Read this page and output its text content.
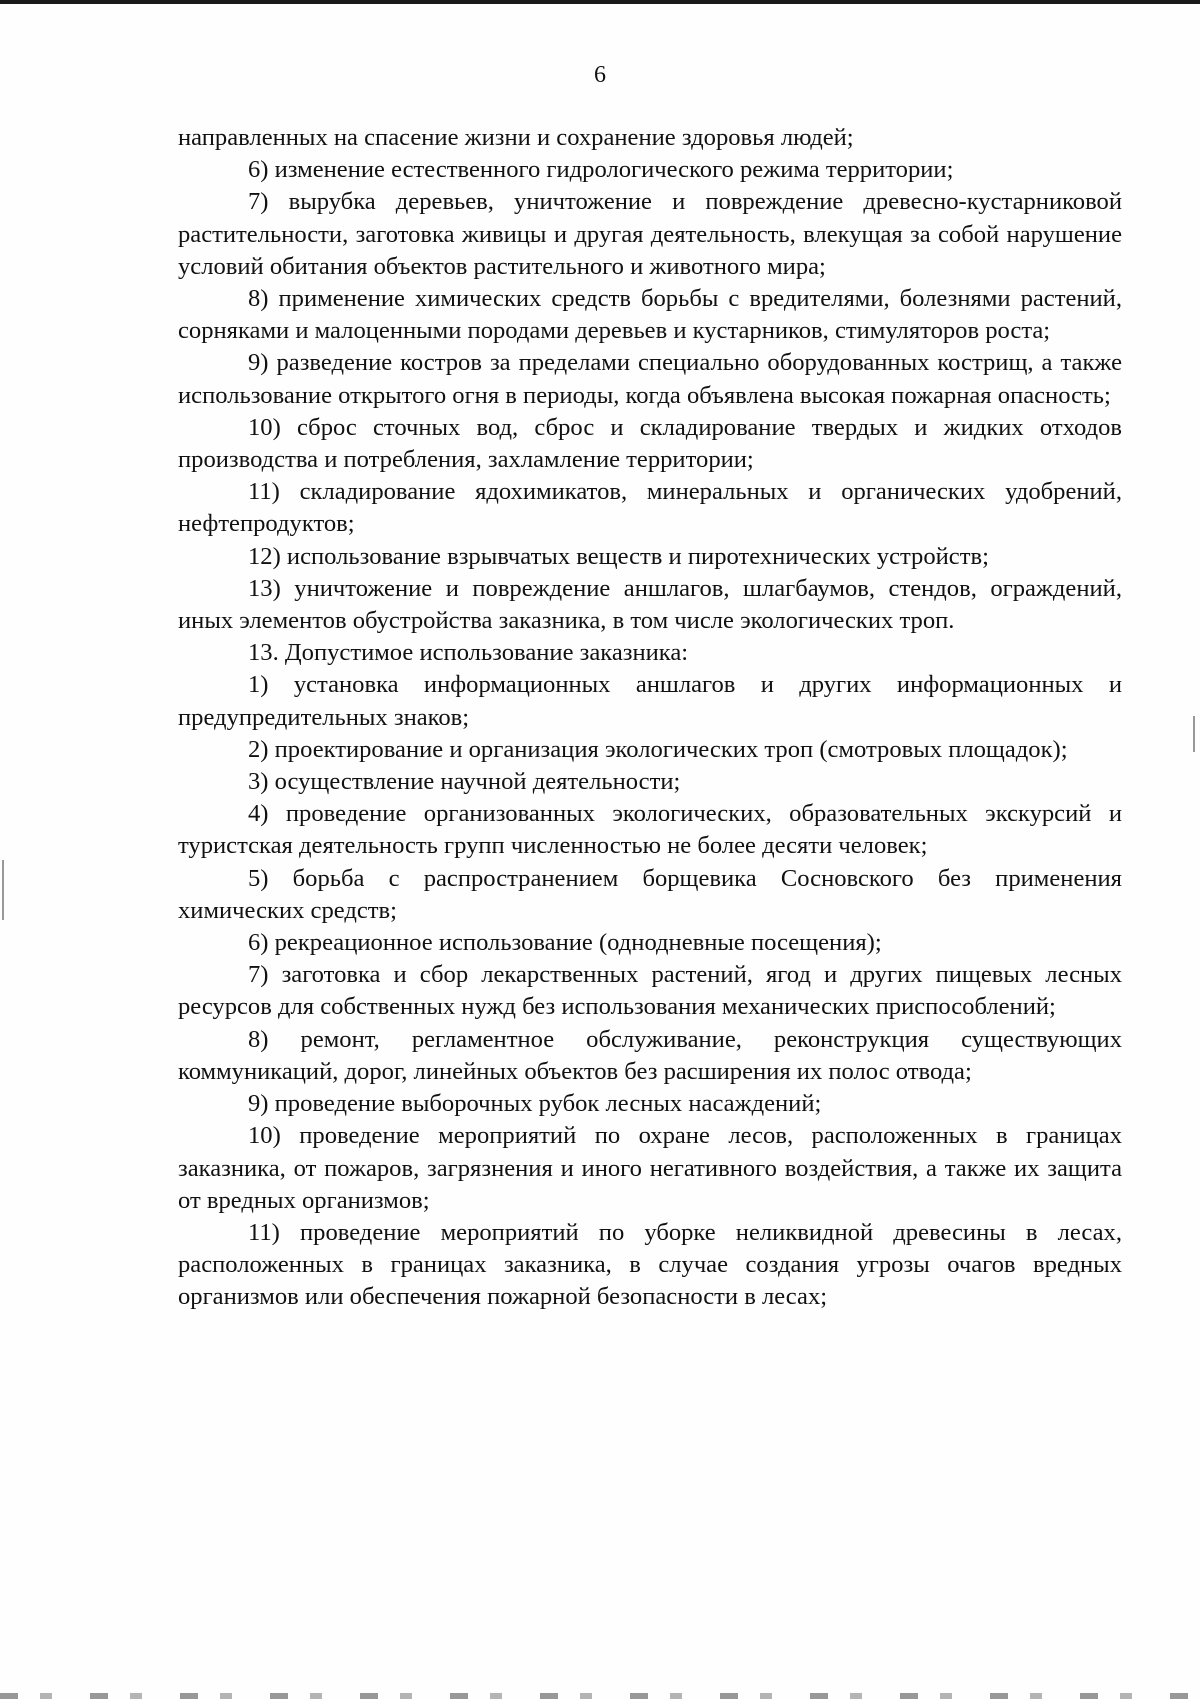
6

направленных на спасение жизни и сохранение здоровья людей;

6) изменение естественного гидрологического режима территории;

7) вырубка деревьев, уничтожение и повреждение древесно-кустарниковой растительности, заготовка живицы и другая деятельность, влекущая за собой нарушение условий обитания объектов растительного и животного мира;

8) применение химических средств борьбы с вредителями, болезнями растений, сорняками и малоценными породами деревьев и кустарников, стимуляторов роста;

9) разведение костров за пределами специально оборудованных кострищ, а также использование открытого огня в периоды, когда объявлена высокая пожарная опасность;

10) сброс сточных вод, сброс и складирование твердых и жидких отходов производства и потребления, захламление территории;

11) складирование ядохимикатов, минеральных и органических удобрений, нефтепродуктов;

12) использование взрывчатых веществ и пиротехнических устройств;

13) уничтожение и повреждение аншлагов, шлагбаумов, стендов, ограждений, иных элементов обустройства заказника, в том числе экологических троп.

13. Допустимое использование заказника:

1) установка информационных аншлагов и других информационных и предупредительных знаков;

2) проектирование и организация экологических троп (смотровых площадок);

3) осуществление научной деятельности;

4) проведение организованных экологических, образовательных экскурсий и туристская деятельность групп численностью не более десяти человек;

5) борьба с распространением борщевика Сосновского без применения химических средств;

6) рекреационное использование (однодневные посещения);

7) заготовка и сбор лекарственных растений, ягод и других пищевых лесных ресурсов для собственных нужд без использования механических приспособлений;

8) ремонт, регламентное обслуживание, реконструкция существующих коммуникаций, дорог, линейных объектов без расширения их полос отвода;

9) проведение выборочных рубок лесных насаждений;

10) проведение мероприятий по охране лесов, расположенных в границах заказника, от пожаров, загрязнения и иного негативного воздействия, а также их защита от вредных организмов;

11) проведение мероприятий по уборке неликвидной древесины в лесах, расположенных в границах заказника, в случае создания угрозы очагов вредных организмов или обеспечения пожарной безопасности в лесах;
